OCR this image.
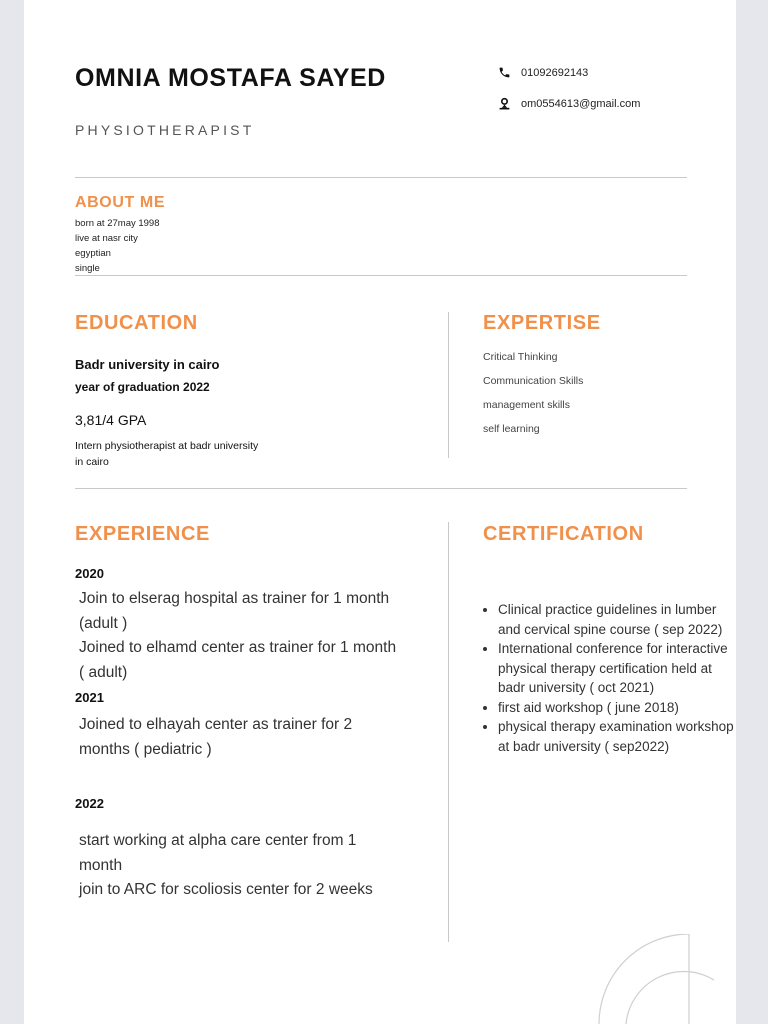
OMNIA MOSTAFA SAYED
PHYSIOTHERAPIST
01092692143
om0554613@gmail.com
ABOUT ME
born at 27may 1998
live at nasr city
egyptian
single
EDUCATION
Badr university in cairo
year of graduation 2022
3,81/4 GPA
Intern physiotherapist at badr university in cairo
EXPERTISE
Critical Thinking
Communication Skills
management skills
self learning
EXPERIENCE
2020
Join to elserag hospital as trainer for 1 month
(adult )
Joined to elhamd center as trainer for 1 month
( adult)
2021
Joined to elhayah center as trainer for 2
months ( pediatric )
2022
start working at alpha care center from 1
month
join to ARC for scoliosis center for 2 weeks
CERTIFICATION
• Clinical practice guidelines in lumber and cervical spine course ( sep 2022)
• International conference for interactive physical therapy certification held at badr university ( oct 2021)
• first aid workshop ( june 2018)
• physical therapy examination workshop at badr university ( sep2022)
